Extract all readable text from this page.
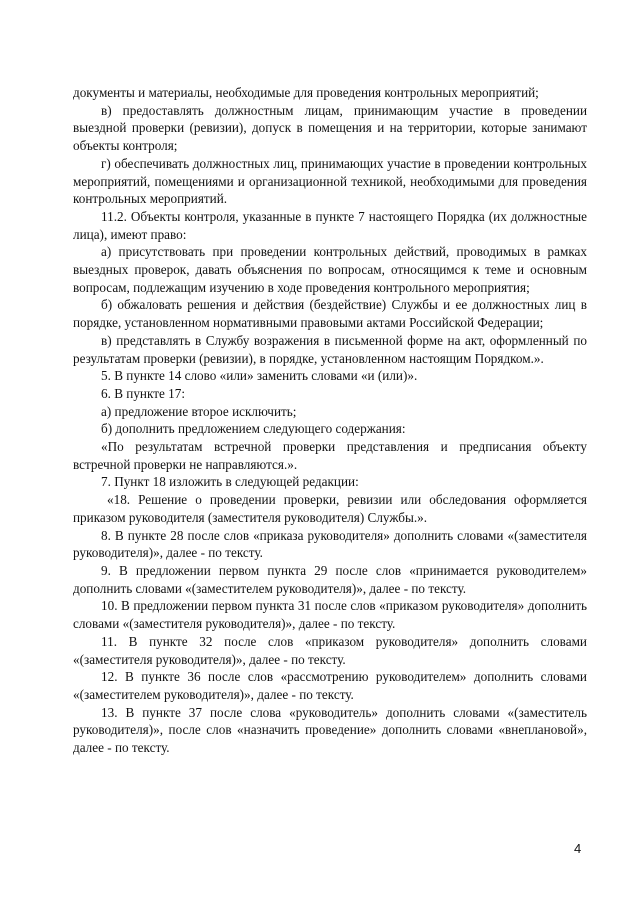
документы и материалы, необходимые для проведения контрольных мероприятий;

в) предоставлять должностным лицам, принимающим участие в проведении выездной проверки (ревизии), допуск в помещения и на территории, которые занимают объекты контроля;

г) обеспечивать должностных лиц, принимающих участие в проведении контрольных мероприятий, помещениями и организационной техникой, необходимыми для проведения контрольных мероприятий.

11.2. Объекты контроля, указанные в пункте 7 настоящего Порядка (их должностные лица), имеют право:

а) присутствовать при проведении контрольных действий, проводимых в рамках выездных проверок, давать объяснения по вопросам, относящимся к теме и основным вопросам, подлежащим изучению в ходе проведения контрольного мероприятия;

б) обжаловать решения и действия (бездействие) Службы и ее должностных лиц в порядке, установленном нормативными правовыми актами Российской Федерации;

в) представлять в Службу возражения в письменной форме на акт, оформленный по результатам проверки (ревизии), в порядке, установленном настоящим Порядком.».

5. В пункте 14 слово «или» заменить словами «и (или)».

6. В пункте 17:

а) предложение второе исключить;

б) дополнить предложением следующего содержания:

«По результатам встречной проверки представления и предписания объекту встречной проверки не направляются.».

7. Пункт 18 изложить в следующей редакции:

«18. Решение о проведении проверки, ревизии или обследования оформляется приказом руководителя (заместителя руководителя) Службы.».

8. В пункте 28 после слов «приказа руководителя» дополнить словами «(заместителя руководителя)», далее - по тексту.

9. В предложении первом пункта 29 после слов «принимается руководителем» дополнить словами «(заместителем руководителя)», далее - по тексту.

10. В предложении первом пункта 31 после слов «приказом руководителя» дополнить словами «(заместителя руководителя)», далее - по тексту.

11. В пункте 32 после слов «приказом руководителя» дополнить словами «(заместителя руководителя)», далее - по тексту.

12. В пункте 36 после слов «рассмотрению руководителем» дополнить словами «(заместителем руководителя)», далее - по тексту.

13. В пункте 37 после слова «руководитель» дополнить словами «(заместитель руководителя)», после слов «назначить проведение» дополнить словами «внеплановой», далее - по тексту.

4
